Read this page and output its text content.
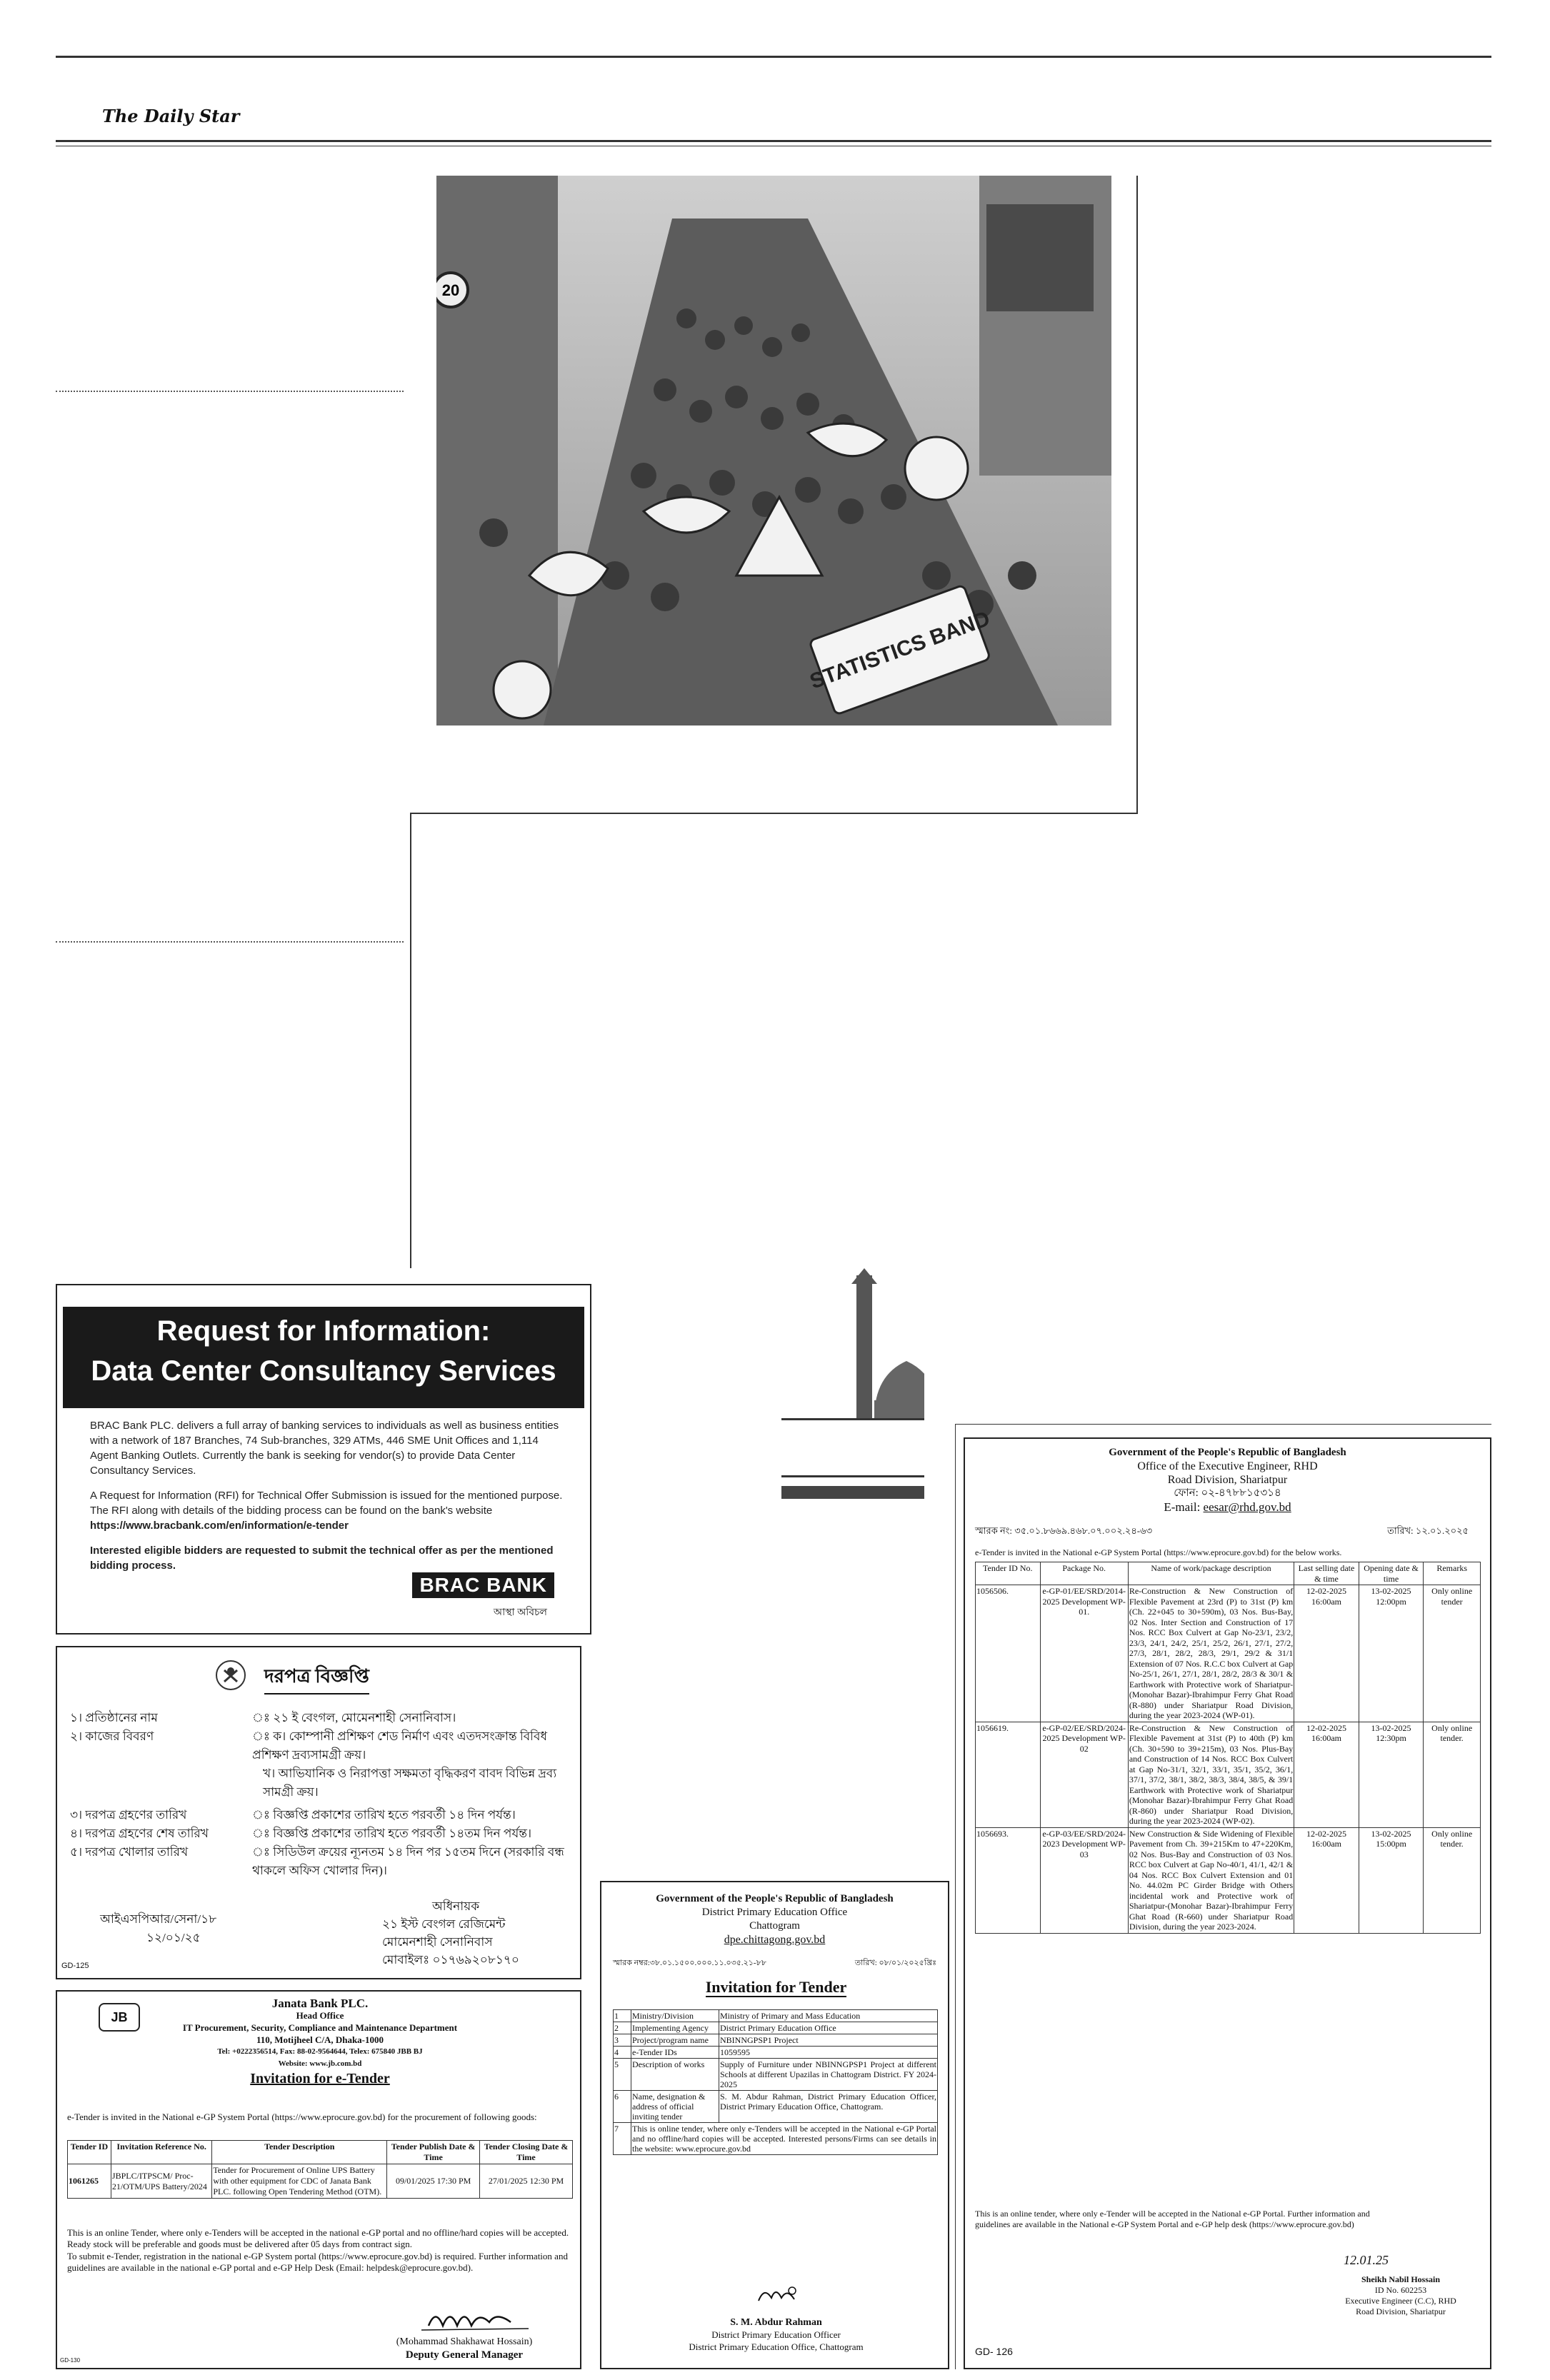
The Daily Star
20
STATISTICS BAND
Request for Information:
Data Center Consultancy Services

BRAC Bank PLC. delivers a full array of banking services to individuals as well as business entities with a network of 187 Branches, 74 Sub-branches, 329 ATMs, 446 SME Unit Offices and 1,114 Agent Banking Outlets. Currently the bank is seeking for vendor(s) to provide Data Center Consultancy Services.

A Request for Information (RFI) for Technical Offer Submission is issued for the mentioned purpose. The RFI along with details of the bidding process can be found on the bank's website https://www.bracbank.com/en/information/e-tender

Interested eligible bidders are requested to submit the technical offer as per the mentioned bidding process.

BRAC BANK
আস্থা অবিচল
দরপত্র বিজ্ঞপ্তি
১। প্রতিষ্ঠানের নাম	ঃ ২১ ই বেংগল, মোমেনশাহী সেনানিবাস।
২। কাজের বিবরণ	ঃ ক। কোম্পানী প্রশিক্ষণ শেড নির্মাণ এবং এতদসংক্রান্ত বিবিধ প্রশিক্ষণ দ্রব্যসামগ্রী ক্রয়।
খ। আভিযানিক ও নিরাপত্তা সক্ষমতা বৃদ্ধিকরণ বাবদ বিভিন্ন দ্রব্য সামগ্রী ক্রয়।
৩। দরপত্র গ্রহণের তারিখ	ঃ বিজ্ঞপ্তি প্রকাশের তারিখ হতে পরবর্তী ১৪ দিন পর্যন্ত।
৪। দরপত্র গ্রহণের শেষ তারিখ	ঃ বিজ্ঞপ্তি প্রকাশের তারিখ হতে পরবর্তী ১৪তম দিন পর্যন্ত।
৫। দরপত্র খোলার তারিখ	ঃ সিডিউল ক্রয়ের ন্যূনতম ১৪ দিন পর ১৫তম দিনে (সরকারি বন্ধ থাকলে অফিস খোলার দিন)।
আইএসপিআর/সেনা/১৮
১২/০১/২৫
অধিনায়ক
২১ ইস্ট বেংগল রেজিমেন্ট
মোমেনশাহী সেনানিবাস
মোবাইলঃ ০১৭৬৯২০৮১৭০
GD-125
JB
Janata Bank PLC.
Head Office
IT Procurement, Security, Compliance and Maintenance Department
110, Motijheel C/A, Dhaka-1000
Tel: +0222356514, Fax: 88-02-9564644, Telex: 675840 JBB BJ
Website: www.jb.com.bd
Invitation for e-Tender
e-Tender is invited in the National e-GP System Portal (https://www.eprocure.gov.bd) for the procurement of following goods:
Tender ID	Invitation Reference No.	Tender Description	Tender Publish Date & Time	Tender Closing Date & Time
1061265	JBPLC/ITPSCM/ Proc-21/OTM/UPS Battery/2024	Tender for Procurement of Online UPS Battery with other equipment for CDC of Janata Bank PLC. following Open Tendering Method (OTM).	09/01/2025 17:30 PM	27/01/2025 12:30 PM
This is an online Tender, where only e-Tenders will be accepted in the national e-GP portal and no offline/hard copies will be accepted. Ready stock will be preferable and goods must be delivered after 05 days from contract sign.
To submit e-Tender, registration in the national e-GP System portal (https://www.eprocure.gov.bd) is required. Further information and guidelines are available in the national e-GP portal and e-GP Help Desk (Email: helpdesk@eprocure.gov.bd).
(Mohammad Shakhawat Hossain)
Deputy General Manager
GD-130
Government of the People's Republic of Bangladesh
District Primary Education Office
Chattogram
dpe.chittagong.gov.bd
স্মারক নম্বর:৩৮.০১.১৫০০.০০০.১১.০৩৫.২১-৮৮	তারিখ: ০৮/০১/২০২৫খ্রিঃ
Invitation for Tender
1	Ministry/Division	Ministry of Primary and Mass Education
2	Implementing Agency	District Primary Education Office
3	Project/program name	NBINNGPSP1 Project
4	e-Tender IDs	1059595
5	Description of works	Supply of Furniture under NBINNGPSP1 Project at different Schools at different Upazilas in Chattogram District. FY 2024-2025
6	Name, designation & address of official inviting tender	S. M. Abdur Rahman, District Primary Education Officer, District Primary Education Office, Chattogram.
7	This is online tender, where only e-Tenders will be accepted in the National e-GP Portal and no offline/hard copies will be accepted. Interested persons/Firms can see details in the website: www.eprocure.gov.bd	
S. M. Abdur Rahman
District Primary Education Officer
District Primary Education Office, Chattogram
Government of the People's Republic of Bangladesh
Office of the Executive Engineer, RHD
Road Division, Shariatpur
ফোন: ০২-৪৭৮৮১৫৩১৪
E-mail: eesar@rhd.gov.bd
স্মারক নং: ৩৫.০১.৮৬৬৯.৪৬৮.০৭.০০২.২৪-৬৩	তারিখ: ১২.০১.২০২৫
e-Tender is invited in the National e-GP System Portal (https://www.eprocure.gov.bd) for the below works.
Tender ID No.	Package No.	Name of work/package description	Last selling date & time	Opening date & time	Remarks
1056506.	e-GP-01/EE/SRD/2014-2025 Development WP-01.	Re-Construction & New Construction of Flexible Pavement at 23rd (P) to 31st (P) km (Ch. 22+045 to 30+590m), 03 Nos. Bus-Bay, 02 Nos. Inter Section and Construction of 17 Nos. RCC Box Culvert at Gap No-23/1, 23/2, 23/3, 24/1, 24/2, 25/1, 25/2, 26/1, 27/1, 27/2, 27/3, 28/1, 28/2, 28/3, 29/1, 29/2 & 31/1 Extension of 07 Nos. R.C.C box Culvert at Gap No-25/1, 26/1, 27/1, 28/1, 28/2, 28/3 & 30/1 & Earthwork with Protective work of Shariatpur- (Monohar Bazar)-Ibrahimpur Ferry Ghat Road (R-880) under Shariatpur Road Division, during the year 2023-2024 (WP-01).	12-02-2025 16:00am	13-02-2025 12:00pm	Only online tender
1056619.	e-GP-02/EE/SRD/2024-2025 Development WP-02	Re-Construction & New Construction of Flexible Pavement at 31st (P) to 40th (P) km (Ch. 30+590 to 39+215m), 03 Nos. Plus-Bay and Construction of 14 Nos. RCC Box Culvert at Gap No-31/1, 32/1, 33/1, 35/1, 35/2, 36/1, 37/1, 37/2, 38/1, 38/2, 38/3, 38/4, 38/5, & 39/1 Earthwork with Protective work of Shariatpur (Monohar Bazar)-Ibrahimpur Ferry Ghat Road (R-860) under Shariatpur Road Division, during the year 2023-2024 (WP-02).	12-02-2025 16:00am	13-02-2025 12:30pm	Only online tender.
1056693.	e-GP-03/EE/SRD/2024-2023 Development WP-03	New Construction & Side Widening of Flexible Pavement from Ch. 39+215Km to 47+220Km, 02 Nos. Bus-Bay and Construction of 03 Nos. RCC box Culvert at Gap No-40/1, 41/1, 42/1 & 04 Nos. RCC Box Culvert Extension and 01 No. 44.02m PC Girder Bridge with Others incidental work and Protective work of Shariatpur-(Monohar Bazar)-Ibrahimpur Ferry Ghat Road (R-660) under Shariatpur Road Division, during the year 2023-2024.	12-02-2025 16:00am	13-02-2025 15:00pm	Only online tender.
This is an online tender, where only e-Tender will be accepted in the National e-GP Portal. Further information and guidelines are available in the National e-GP System Portal and e-GP help desk (https://www.eprocure.gov.bd)
12.01.25
Sheikh Nabil Hossain
ID No. 602253
Executive Engineer (C.C), RHD
Road Division, Shariatpur
GD- 126
